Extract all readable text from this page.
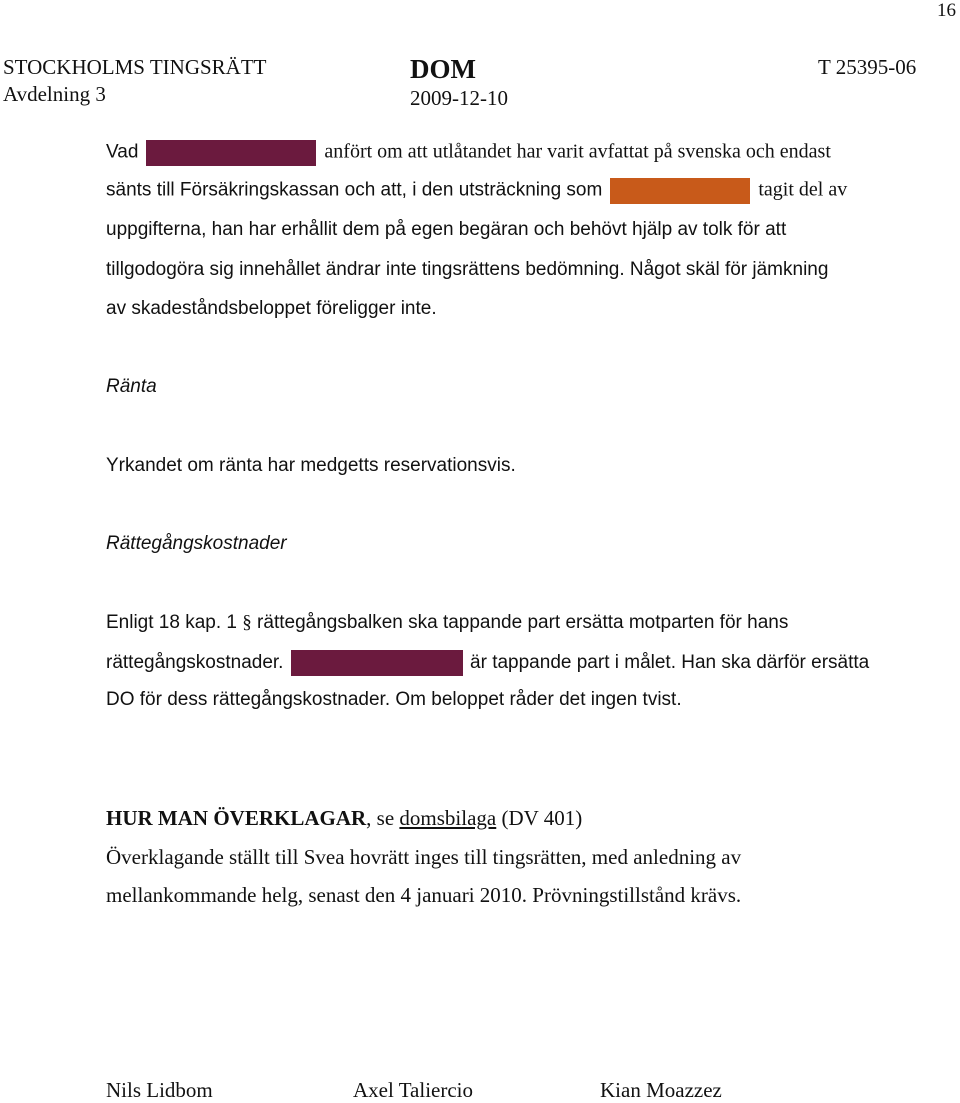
16
STOCKHOLMS TINGSRÄTT
Avdelning 3
DOM
2009-12-10
T 25395-06
Vad	anfört om att utlåtandet har varit avfattat på svenska och endast
sänts till Försäkringskassan och att, i den utsträckning som	tagit del av
uppgifterna, han har erhållit dem på egen begäran och behövt hjälp av tolk för att
tillgodogöra sig innehållet ändrar inte tingsrättens bedömning. Något skäl för jämkning
av skadeståndsbeloppet föreligger inte.
Ränta
Yrkandet om ränta har medgetts reservationsvis.
Rättegångskostnader
Enligt 18 kap. 1 § rättegångsbalken ska tappande part ersätta motparten för hans
rättegångskostnader.	är tappande part i målet. Han ska därför ersätta
DO för dess rättegångskostnader. Om beloppet råder det ingen tvist.
HUR MAN ÖVERKLAGAR, se domsbilaga (DV 401)
Överklagande ställt till Svea hovrätt inges till tingsrätten, med anledning av
mellankommande helg, senast den 4 januari 2010. Prövningstillstånd krävs.
Nils Lidbom	Axel Taliercio	Kian Moazzez
